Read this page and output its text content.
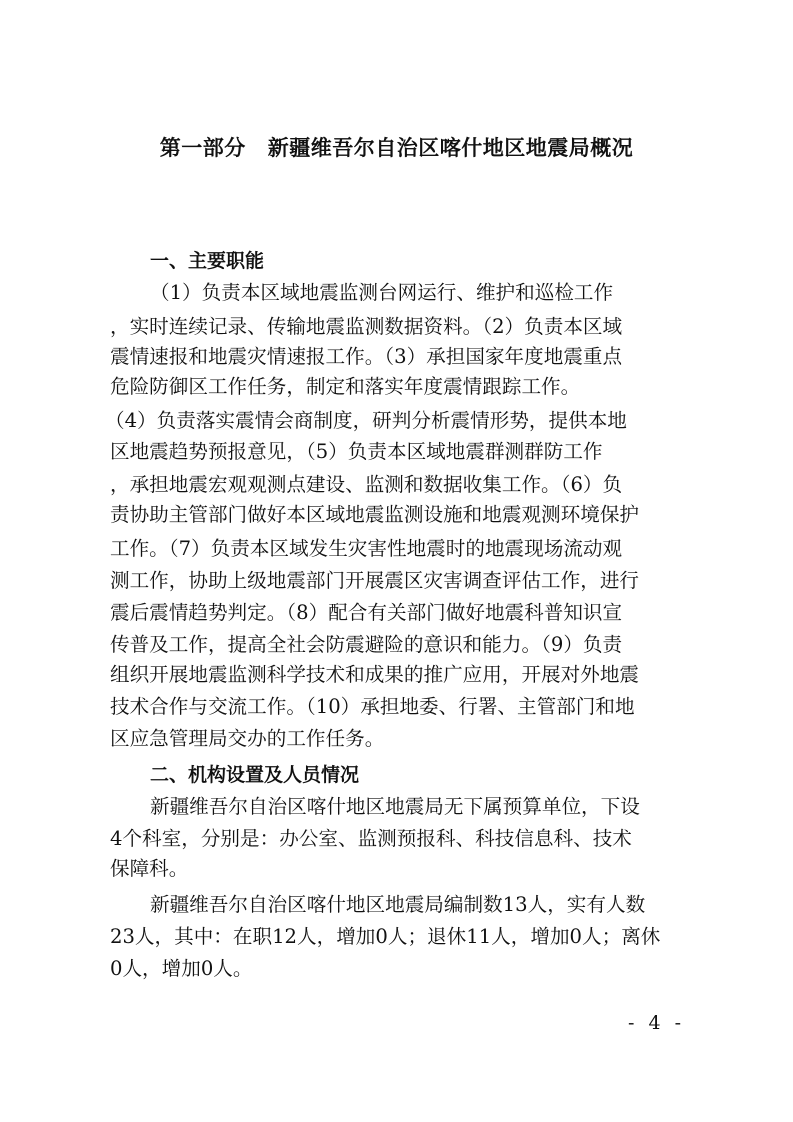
第一部分 新疆维吾尔自治区喀什地区地震局概况
一、主要职能

（1）负责本区域地震监测台网运行、维护和巡检工作

，实时连续记录、传输地震监测数据资料。（2）负责本区域

震情速报和地震灾情速报工作。（3）承担国家年度地震重点

危险防御区工作任务，制定和落实年度震情跟踪工作。

（4）负责落实震情会商制度，研判分析震情形势，提供本地

区地震趋势预报意见，（5）负责本区域地震群测群防工作

，承担地震宏观观测点建设、监测和数据收集工作。（6）负

责协助主管部门做好本区域地震监测设施和地震观测环境保护

工作。（7）负责本区域发生灾害性地震时的地震现场流动观

测工作，协助上级地震部门开展震区灾害调查评估工作，进行

震后震情趋势判定。（8）配合有关部门做好地震科普知识宣

传普及工作，提高全社会防震避险的意识和能力。（9）负责

组织开展地震监测科学技术和成果的推广应用，开展对外地震

技术合作与交流工作。（10）承担地委、行署、主管部门和地

区应急管理局交办的工作任务。

二、机构设置及人员情况

新疆维吾尔自治区喀什地区地震局无下属预算单位，下设

4个科室，分别是：办公室、监测预报科、科技信息科、技术

保障科。

新疆维吾尔自治区喀什地区地震局编制数13人，实有人数

23人，其中：在职12人，增加0人；退休11人，增加0人；离休

0人，增加0人。

- 4 -
